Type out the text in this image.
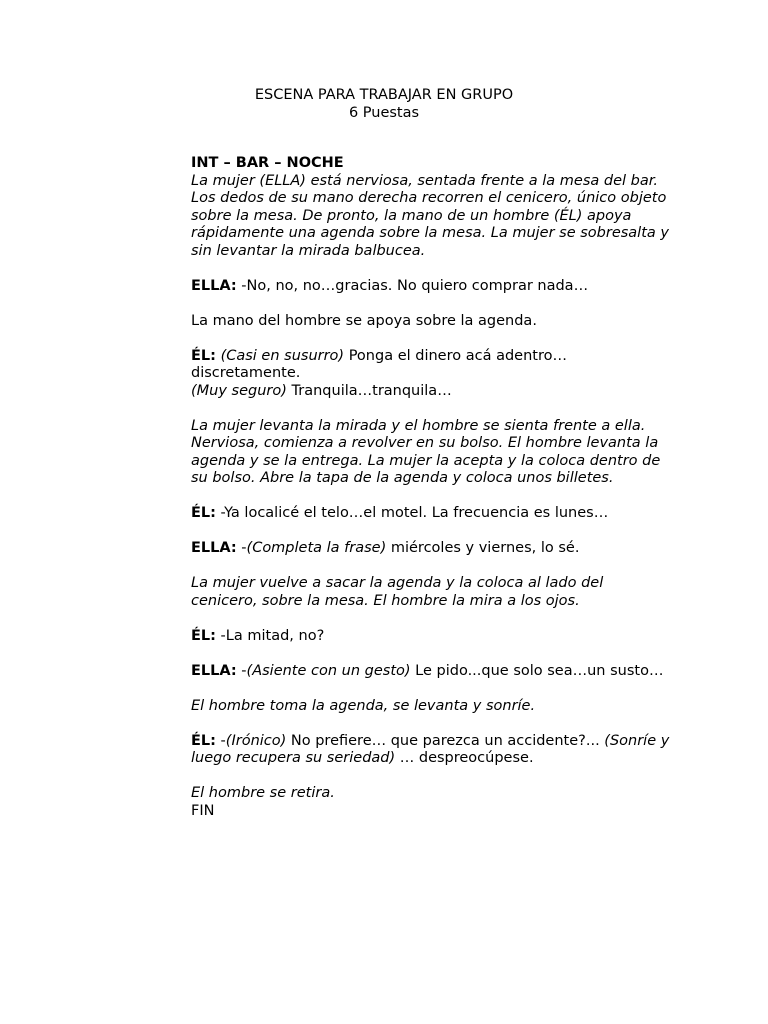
ESCENA PARA TRABAJAR EN GRUPO
6 Puestas

INT – BAR – NOCHE

La mujer (ELLA) está nerviosa, sentada frente a la mesa del bar. Los dedos de su mano derecha recorren el cenicero, único objeto sobre la mesa. De pronto, la mano de un hombre (ÉL) apoya rápidamente una agenda sobre la mesa. La mujer se sobresalta y sin levantar la mirada balbucea.

ELLA: -No, no, no…gracias. No quiero comprar nada…

La mano del hombre se apoya sobre la agenda.

ÉL: (Casi en susurro) Ponga el dinero acá adentro… discretamente.
(Muy seguro) Tranquila…tranquila…

La mujer levanta la mirada y el hombre se sienta frente a ella. Nerviosa, comienza a revolver en su bolso. El hombre levanta la agenda y se la entrega. La mujer la acepta y la coloca dentro de su bolso. Abre la tapa de la agenda y coloca unos billetes.

ÉL: -Ya localicé el telo…el motel. La frecuencia es lunes…

ELLA: -(Completa la frase) miércoles y viernes, lo sé.

La mujer vuelve a sacar la agenda y la coloca al lado del cenicero, sobre la mesa. El hombre la mira a los ojos.

ÉL: -La mitad, no?

ELLA: -(Asiente con un gesto) Le pido...que solo sea…un susto…

El hombre toma la agenda, se levanta y sonríe.

ÉL: -(Irónico) No prefiere… que parezca un accidente?... (Sonríe y luego recupera su seriedad) … despreocúpese.

El hombre se retira.

FIN
